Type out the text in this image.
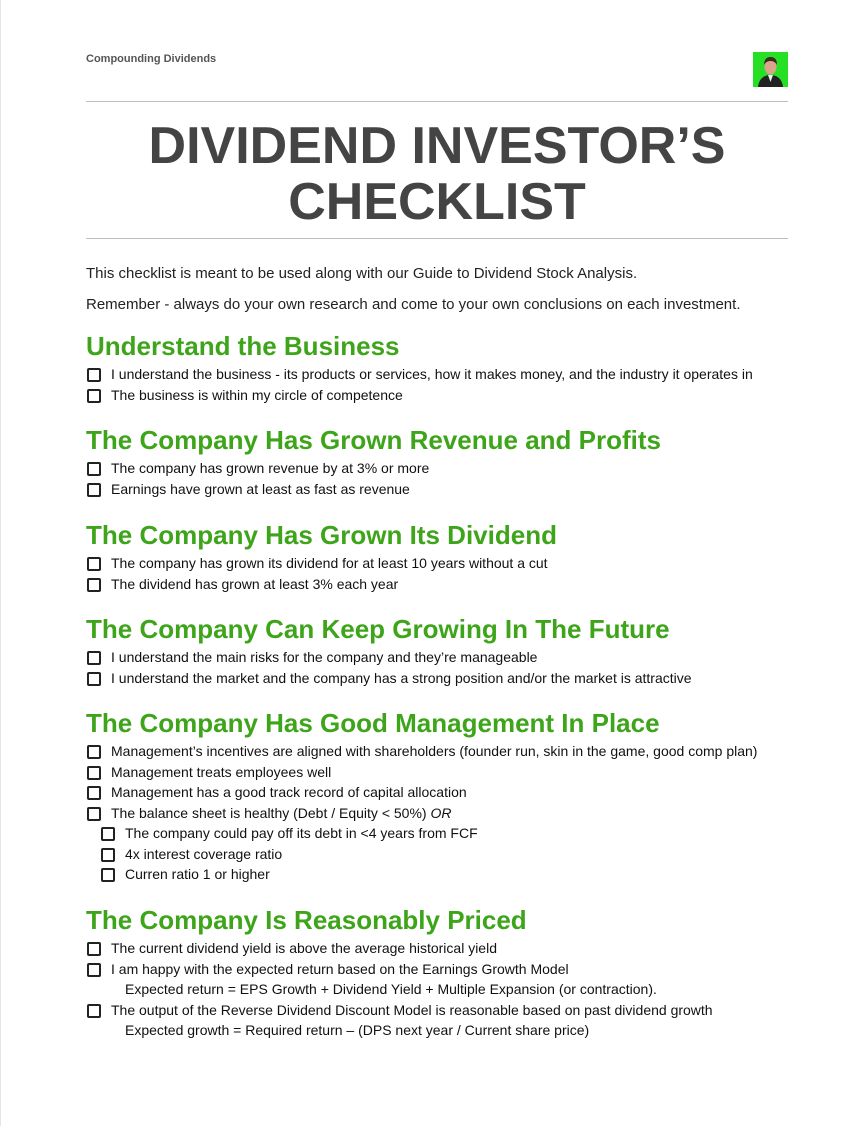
Compounding Dividends
DIVIDEND INVESTOR’S
CHECKLIST
This checklist is meant to be used along with our Guide to Dividend Stock Analysis.
Remember - always do your own research and come to your own conclusions on each investment.
Understand the Business
I understand the business - its products or services, how it makes money, and the industry it operates in
The business is within my circle of competence
The Company Has Grown Revenue and Profits
The company has grown revenue by at 3% or more
Earnings have grown at least as fast as revenue
The Company Has Grown Its Dividend
The company has grown its dividend for at least 10 years without a cut
The dividend has grown at least 3% each year
The Company Can Keep Growing In The Future
I understand the main risks for the company and they’re manageable
I understand the market and the company has a strong position and/or the market is attractive
The Company Has Good Management In Place
Management’s incentives are aligned with shareholders (founder run, skin in the game, good comp plan)
Management treats employees well
Management has a good track record of capital allocation
The balance sheet is healthy (Debt / Equity < 50%) OR
The company could pay off its debt in <4 years from FCF
4x interest coverage ratio
Curren ratio 1 or higher
The Company Is Reasonably Priced
The current dividend yield is above the average historical yield
I am happy with the expected return based on the Earnings Growth Model
Expected return = EPS Growth + Dividend Yield + Multiple Expansion (or contraction).
The output of the Reverse Dividend Discount Model is reasonable based on past dividend growth
Expected growth = Required return – (DPS next year / Current share price)
